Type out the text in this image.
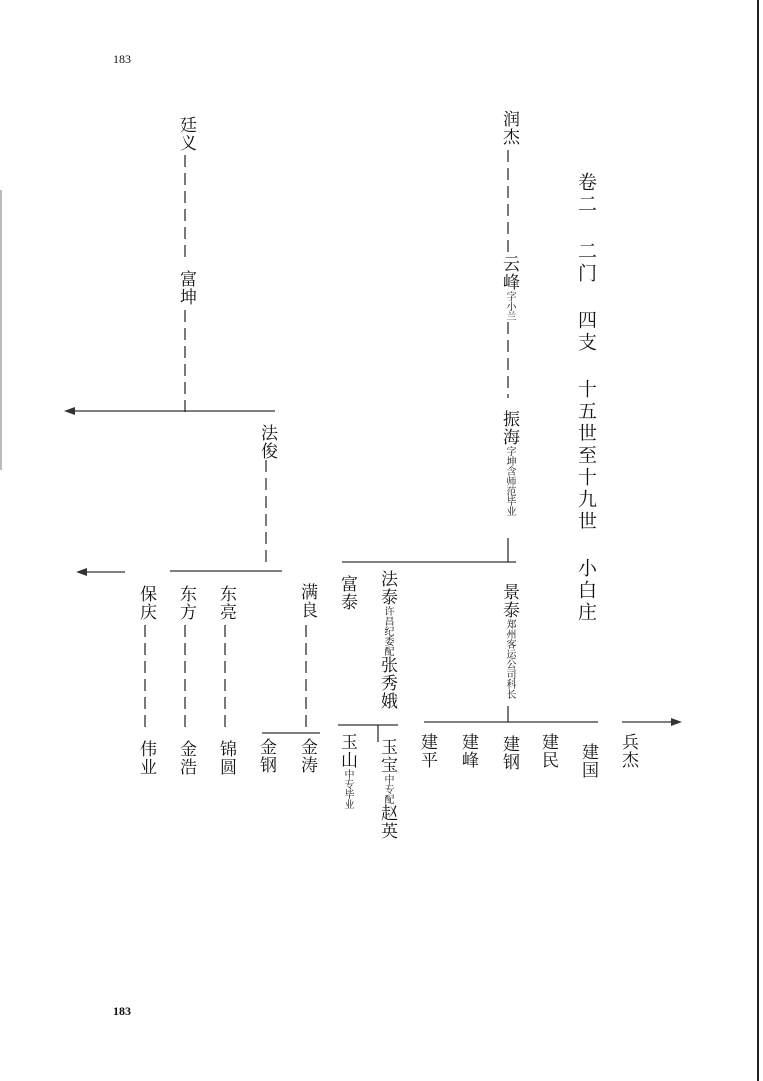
183
183
卷二 二门 四支 十五世至十九世 小白庄
廷义
富坤
法俊
保庆 东方 东亮	满良
伟业 金浩 锦圆 金钢 金涛
润杰
云峰字小兰
振海字坤含师范毕业
富泰 法泰许昌纪委配张秀娥
景泰郑州客运公司科长
玉山中专毕业
玉宝中专配赵英
建平 建峰 建钢 建民 建国 兵杰
